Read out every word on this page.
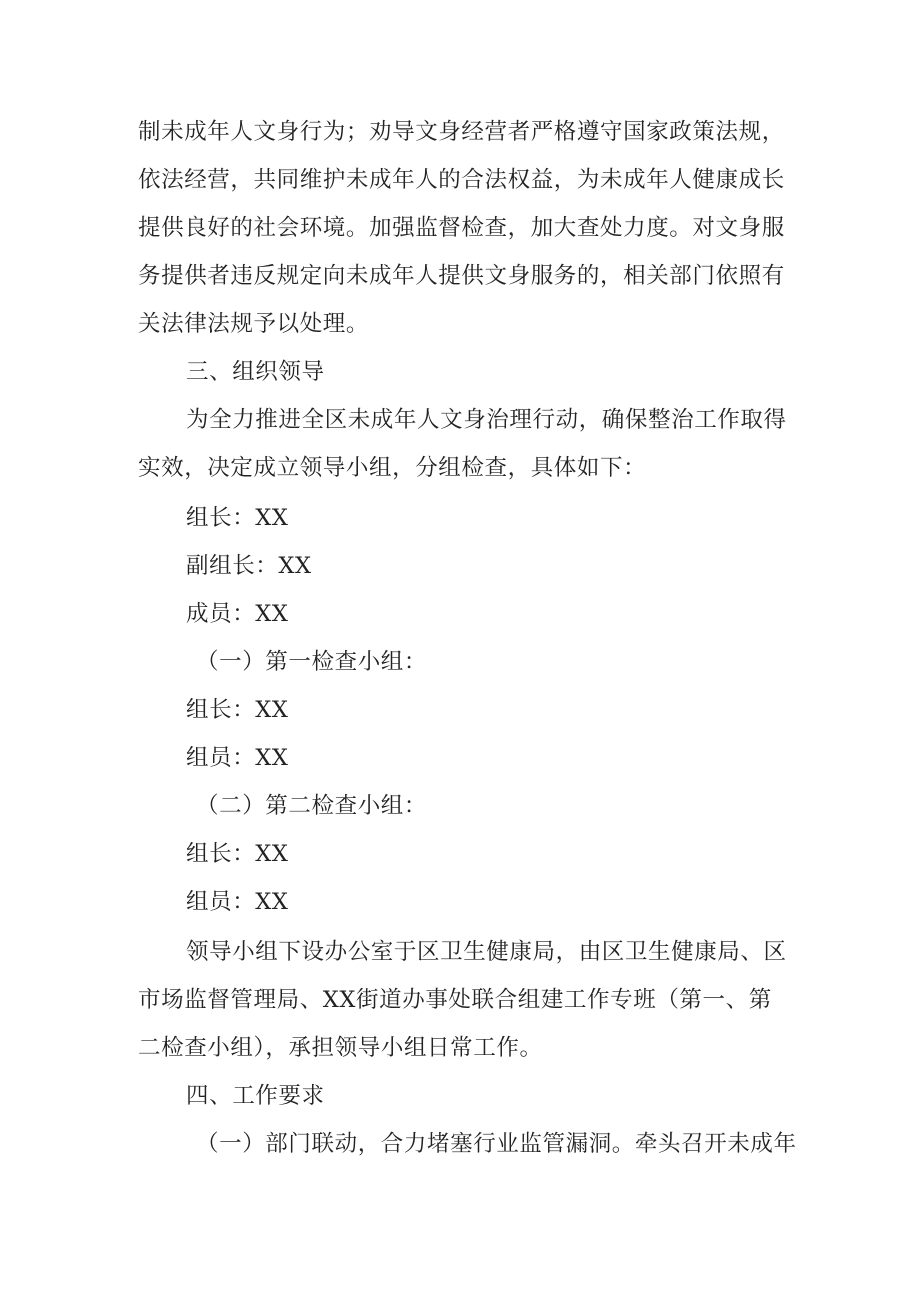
制未成年人文身行为；劝导文身经营者严格遵守国家政策法规，
依法经营，共同维护未成年人的合法权益，为未成年人健康成长
提供良好的社会环境。加强监督检查，加大查处力度。对文身服
务提供者违反规定向未成年人提供文身服务的，相关部门依照有
关法律法规予以处理。
三、组织领导
为全力推进全区未成年人文身治理行动，确保整治工作取得
实效，决定成立领导小组，分组检查，具体如下：
组长：XX
副组长：XX
成员：XX
（一）第一检查小组：
组长：XX
组员：XX
（二）第二检查小组：
组长：XX
组员：XX
领导小组下设办公室于区卫生健康局，由区卫生健康局、区
市场监督管理局、XX街道办事处联合组建工作专班（第一、第
二检查小组），承担领导小组日常工作。
四、工作要求
（一）部门联动，合力堵塞行业监管漏洞。牵头召开未成年
